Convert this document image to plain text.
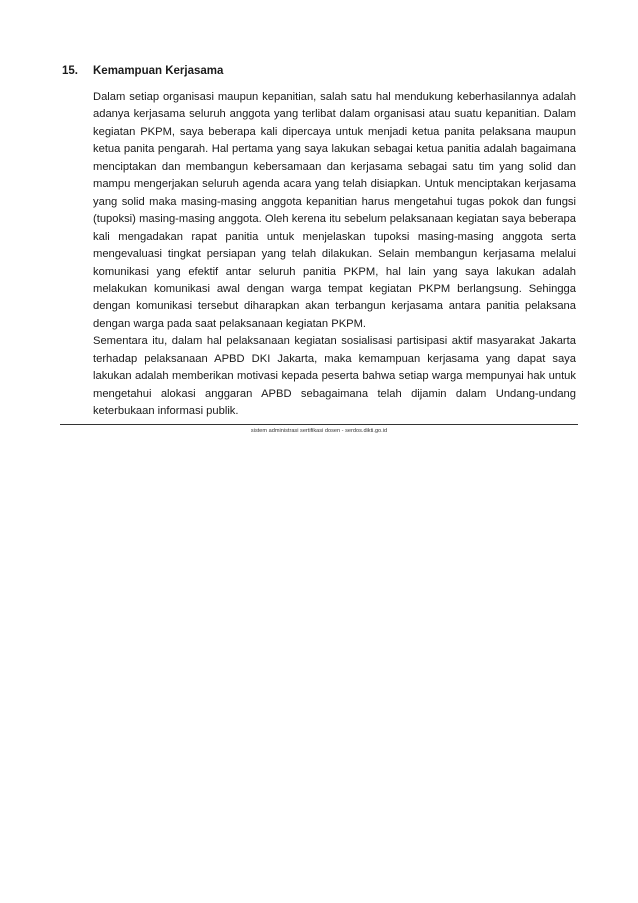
15.	Kemampuan Kerjasama

Dalam setiap organisasi maupun kepanitian, salah satu hal mendukung keberhasilannya adalah adanya kerjasama seluruh anggota yang terlibat dalam organisasi atau suatu kepanitian. Dalam kegiatan PKPM, saya beberapa kali dipercaya untuk menjadi ketua panita pelaksana maupun ketua panita pengarah. Hal pertama yang saya lakukan sebagai ketua panitia adalah bagaimana menciptakan dan membangun kebersamaan dan kerjasama sebagai satu tim yang solid dan mampu mengerjakan seluruh agenda acara yang telah disiapkan. Untuk menciptakan kerjasama yang solid maka masing-masing anggota kepanitian harus mengetahui tugas pokok dan fungsi (tupoksi) masing-masing anggota. Oleh kerena itu sebelum pelaksanaan kegiatan saya beberapa kali mengadakan rapat panitia untuk menjelaskan tupoksi masing-masing anggota serta mengevaluasi tingkat persiapan yang telah dilakukan. Selain membangun kerjasama melalui komunikasi yang efektif antar seluruh panitia PKPM, hal lain yang saya lakukan adalah melakukan komunikasi awal dengan warga tempat kegiatan PKPM berlangsung. Sehingga dengan komunikasi tersebut diharapkan akan terbangun kerjasama antara panitia pelaksana dengan warga pada saat pelaksanaan kegiatan PKPM.

Sementara itu, dalam hal pelaksanaan kegiatan sosialisasi partisipasi aktif masyarakat Jakarta terhadap pelaksanaan APBD DKI Jakarta, maka kemampuan kerjasama yang dapat saya lakukan adalah memberikan motivasi kepada peserta bahwa setiap warga mempunyai hak untuk mengetahui alokasi anggaran APBD sebagaimana telah dijamin dalam Undang-undang keterbukaan informasi publik.

sistem administrasi sertifikasi dosen - serdos.dikti.go.id
